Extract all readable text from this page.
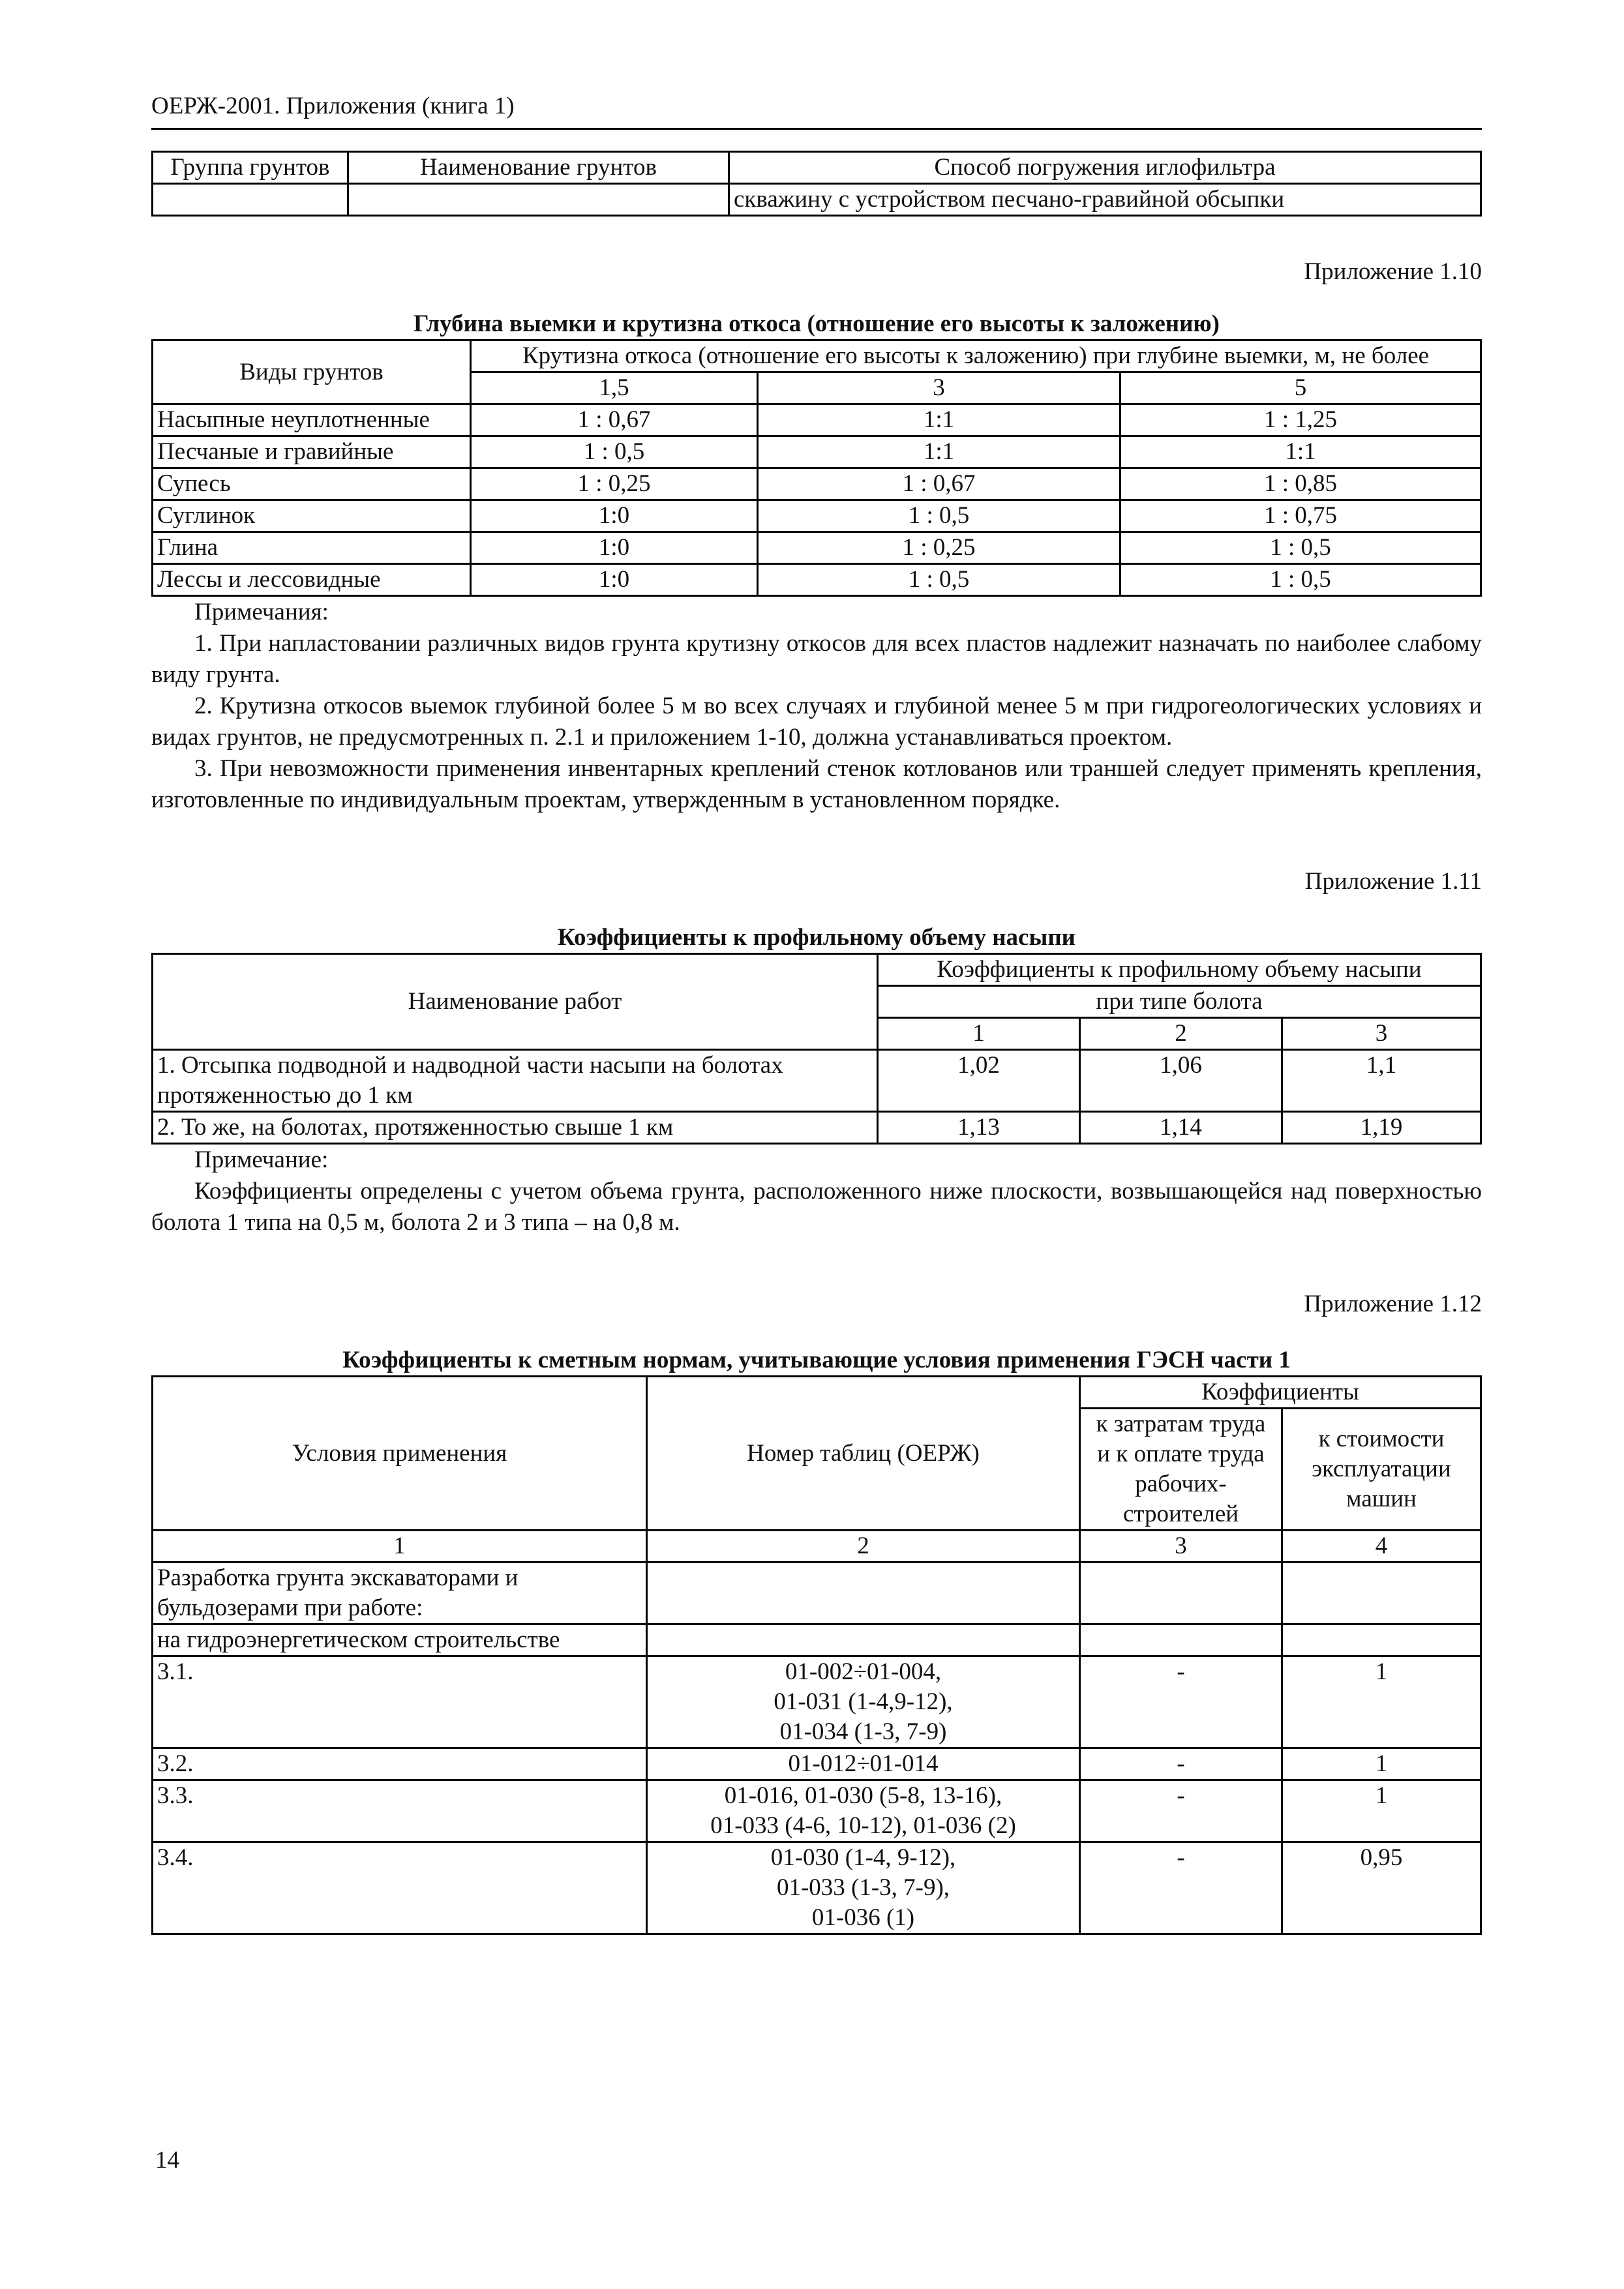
ОЕРЖ-2001. Приложения (книга 1)
Группа грунтов	Наименование грунтов	Способ погружения иглофильтра
		скважину с устройством песчано-гравийной обсыпки
Приложение 1.10
Глубина выемки и крутизна откоса (отношение его высоты к заложению)
Виды грунтов	Крутизна откоса (отношение его высоты к заложению) при глубине выемки, м, не более		
	1,5	3	5
Насыпные неуплотненные	1 : 0,67	1:1	1 : 1,25
Песчаные и гравийные	1 : 0,5	1:1	1:1
Супесь	1 : 0,25	1 : 0,67	1 : 0,85
Суглинок	1:0	1 : 0,5	1 : 0,75
Глина	1:0	1 : 0,25	1 : 0,5
Лессы и лессовидные	1:0	1 : 0,5	1 : 0,5

Примечания:

1. При напластовании различных видов грунта крутизну откосов для всех пластов надлежит назначать по наиболее слабому виду грунта.

2. Крутизна откосов выемок глубиной более 5 м во всех случаях и глубиной менее 5 м при гидрогеологических условиях и видах грунтов, не предусмотренных п. 2.1 и приложением 1-10, должна устанавливаться проектом.

3. При невозможности применения инвентарных креплений стенок котлованов или траншей следует применять крепления, изготовленные по индивидуальным проектам, утвержденным в установленном порядке.

Приложение 1.11
Коэффициенты к профильному объему насыпи
Наименование работ	Коэффициенты к профильному объему насыпи		
	при типе болота		
	1	2	3
1. Отсыпка подводной и надводной части насыпи на болотах протяженностью до 1 км	1,02	1,06	1,1
2. То же, на болотах, протяженностью свыше 1 км	1,13	1,14	1,19

Примечание:

Коэффициенты определены с учетом объема грунта, расположенного ниже плоскости, возвышающейся над поверхностью болота 1 типа на 0,5 м, болота 2 и 3 типа – на 0,8 м.

Приложение 1.12
Коэффициенты к сметным нормам, учитывающие условия применения ГЭСН части 1
Условия применения	Номер таблиц (ОЕРЖ)	Коэффициенты	
		к затратам труда и к оплате труда рабочих-строителей	к стоимости эксплуатации машин
1	2	3	4
Разработка грунта экскаваторами и бульдозерами при работе:			
на гидроэнергетическом строительстве			
3.1.	01-002÷01-004,
01-031 (1-4,9-12),
01-034 (1-3, 7-9)	-	1
3.2.	01-012÷01-014	-	1
3.3.	01-016, 01-030 (5-8, 13-16),
01-033 (4-6, 10-12), 01-036 (2)	-	1
3.4.	01-030 (1-4, 9-12),
01-033 (1-3, 7-9),
01-036 (1)	-	0,95
14
